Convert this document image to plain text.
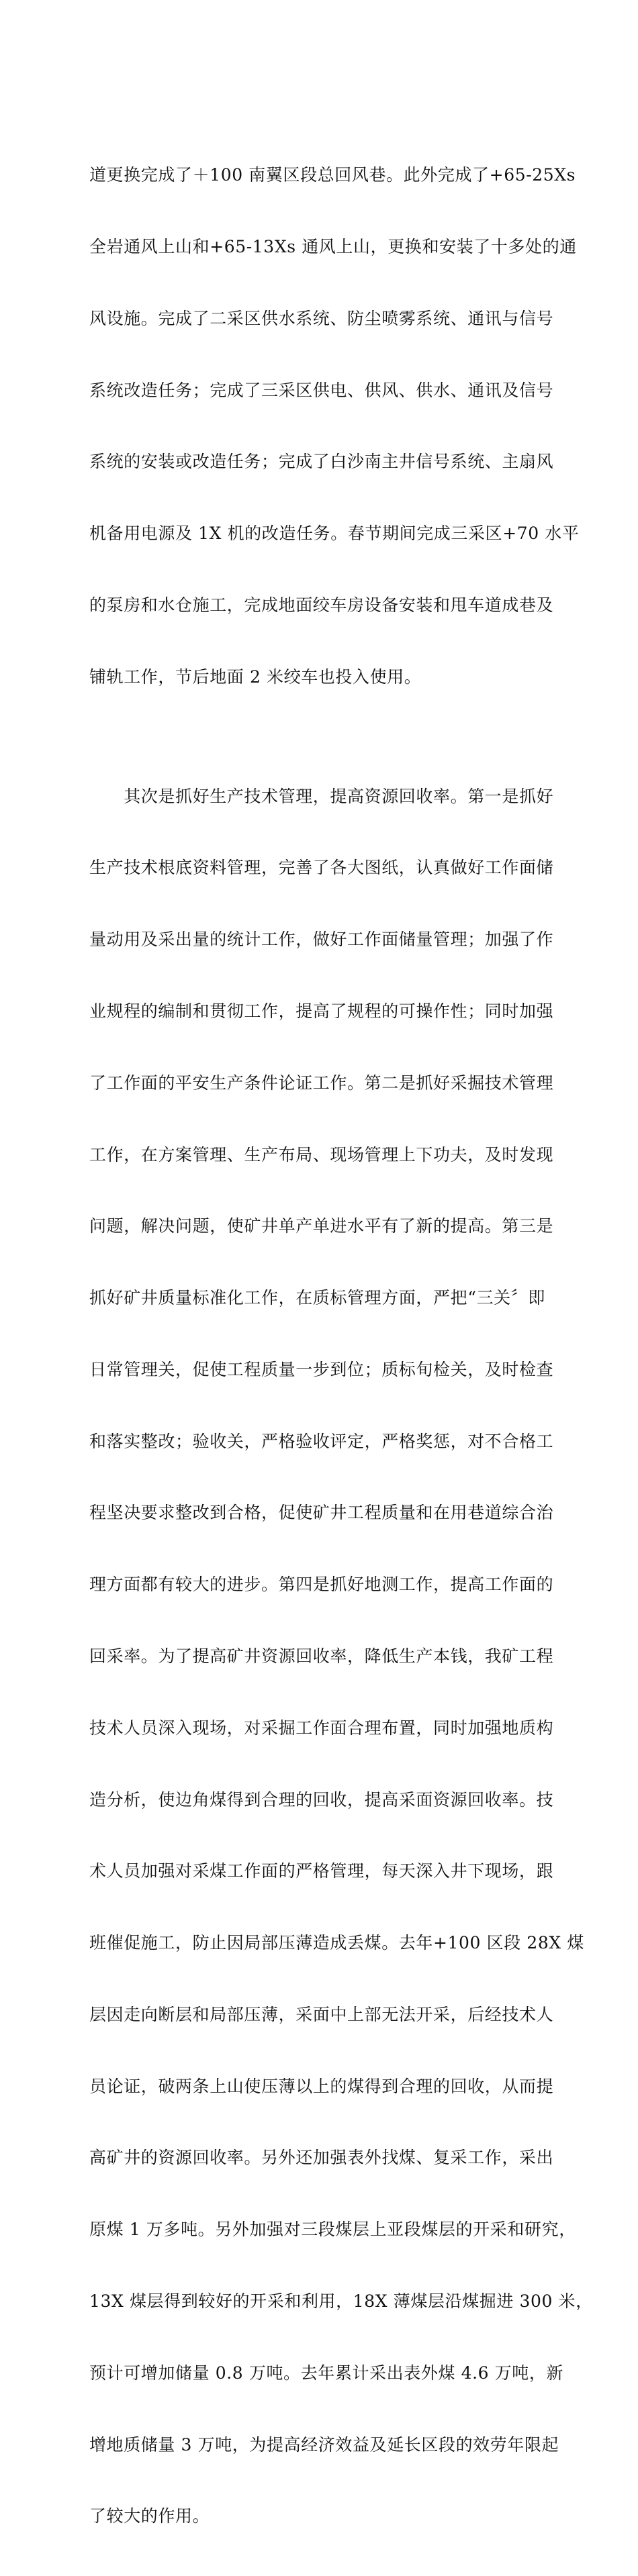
道更换完成了＋100 南翼区段总回风巷。此外完成了+65-25Xs

全岩通风上山和+65-13Xs 通风上山，更换和安装了十多处的通

风设施。完成了二采区供水系统、防尘喷雾系统、通讯与信号

系统改造任务；完成了三采区供电、供风、供水、通讯及信号

系统的安装或改造任务；完成了白沙南主井信号系统、主扇风

机备用电源及 1X 机的改造任务。春节期间完成三采区+70 水平

的泵房和水仓施工，完成地面绞车房设备安装和甩车道成巷及

铺轨工作，节后地面 2 米绞车也投入使用。

　　其次是抓好生产技术管理，提高资源回收率。第一是抓好

生产技术根底资料管理，完善了各大图纸，认真做好工作面储

量动用及采出量的统计工作，做好工作面储量管理；加强了作

业规程的编制和贯彻工作，提高了规程的可操作性；同时加强

了工作面的平安生产条件论证工作。第二是抓好采掘技术管理

工作，在方案管理、生产布局、现场管理上下功夫，及时发现

问题，解决问题，使矿井单产单进水平有了新的提高。第三是

抓好矿井质量标准化工作，在质标管理方面，严把“三关〞即

日常管理关，促使工程质量一步到位；质标旬检关，及时检查

和落实整改；验收关，严格验收评定，严格奖惩，对不合格工

程坚决要求整改到合格，促使矿井工程质量和在用巷道综合治

理方面都有较大的进步。第四是抓好地测工作，提高工作面的

回采率。为了提高矿井资源回收率，降低生产本钱，我矿工程

技术人员深入现场，对采掘工作面合理布置，同时加强地质构

造分析，使边角煤得到合理的回收，提高采面资源回收率。技

术人员加强对采煤工作面的严格管理，每天深入井下现场，跟

班催促施工，防止因局部压薄造成丢煤。去年+100 区段 28X 煤

层因走向断层和局部压薄，采面中上部无法开采，后经技术人

员论证，破两条上山使压薄以上的煤得到合理的回收，从而提

高矿井的资源回收率。另外还加强表外找煤、复采工作，采出

原煤 1 万多吨。另外加强对三段煤层上亚段煤层的开采和研究，

13X 煤层得到较好的开采和利用，18X 薄煤层沿煤掘进 300 米，

预计可增加储量 0.8 万吨。去年累计采出表外煤 4.6 万吨，新

增地质储量 3 万吨，为提高经济效益及延长区段的效劳年限起

了较大的作用。
